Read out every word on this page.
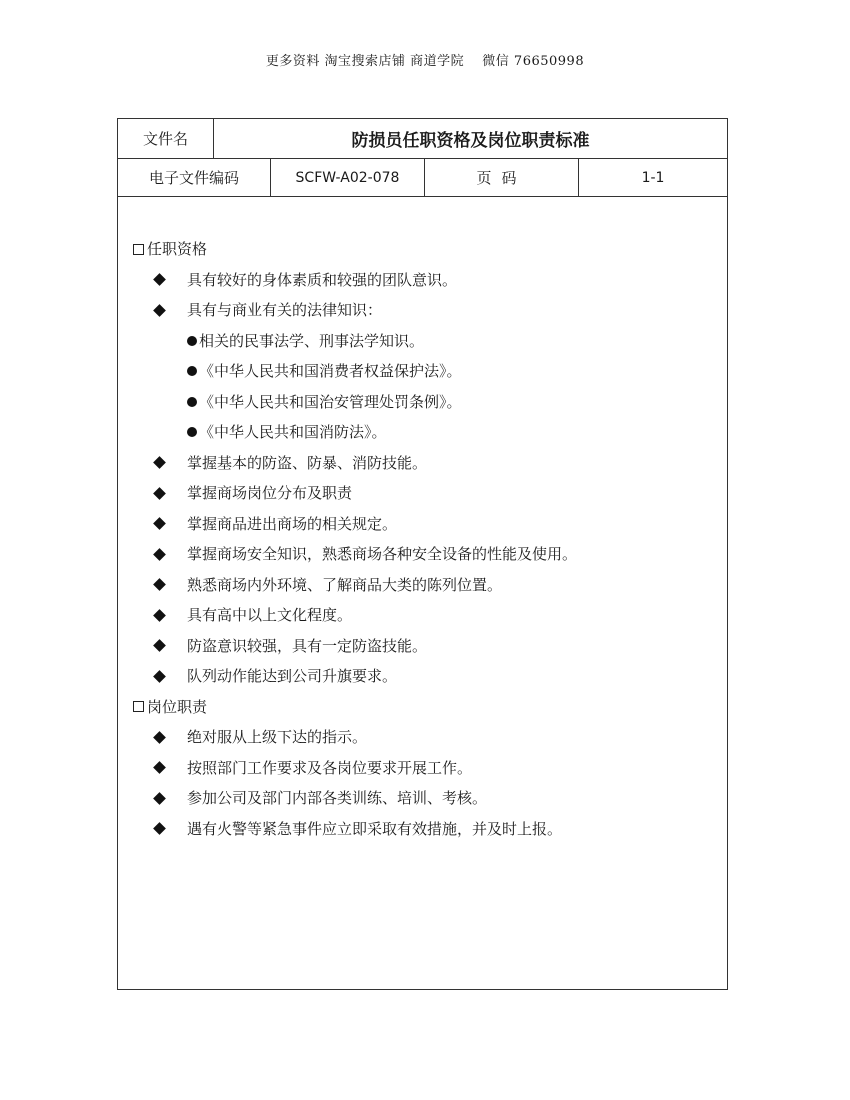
更多资料 淘宝搜索店铺 商道学院　 微信 76650998
文件名	防损员任职资格及岗位职责标准
电子文件编码	SCFW-A02-078	页码	1-1
任职资格
具有较好的身体素质和较强的团队意识。
具有与商业有关的法律知识：
相关的民事法学、刑事法学知识。
《中华人民共和国消费者权益保护法》。
《中华人民共和国治安管理处罚条例》。
《中华人民共和国消防法》。
掌握基本的防盗、防暴、消防技能。
掌握商场岗位分布及职责
掌握商品进出商场的相关规定。
掌握商场安全知识，熟悉商场各种安全设备的性能及使用。
熟悉商场内外环境、了解商品大类的陈列位置。
具有高中以上文化程度。
防盗意识较强，具有一定防盗技能。
队列动作能达到公司升旗要求。
岗位职责
绝对服从上级下达的指示。
按照部门工作要求及各岗位要求开展工作。
参加公司及部门内部各类训练、培训、考核。
遇有火警等紧急事件应立即采取有效措施，并及时上报。
